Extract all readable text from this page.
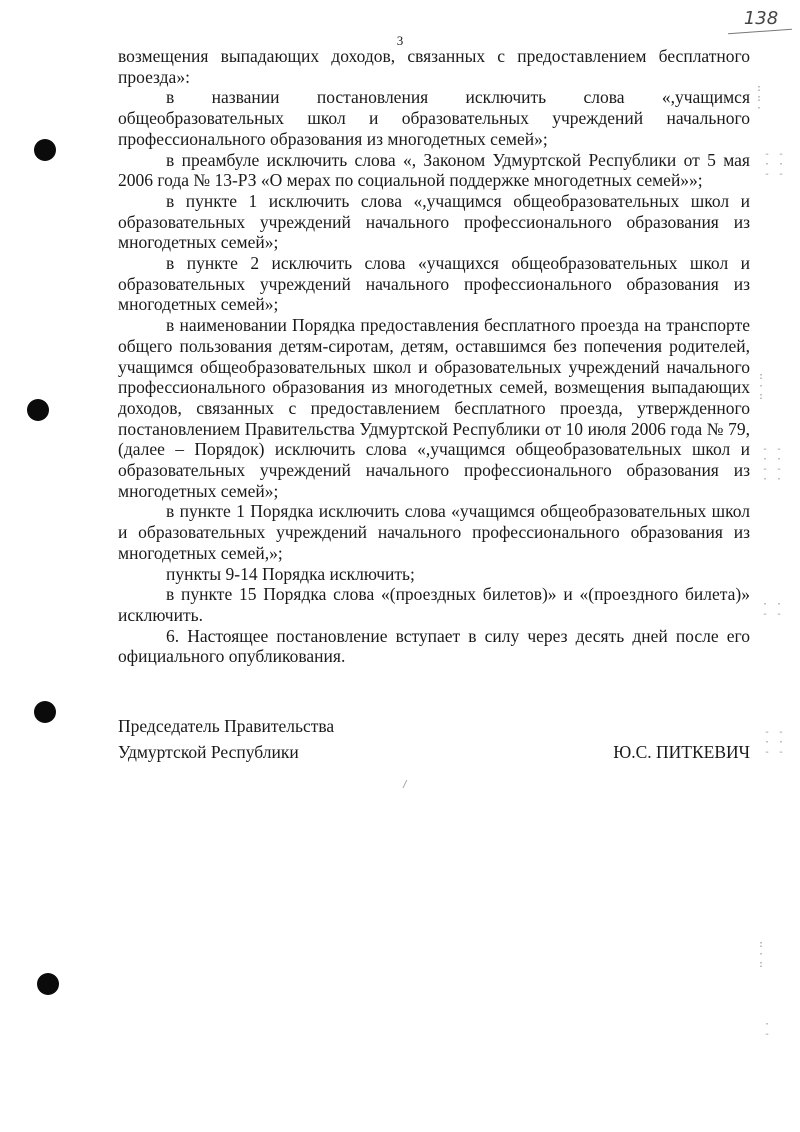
3
138

возмещения выпадающих доходов, связанных с предоставлением бесплатного проезда»:

в названии постановления исключить слова «,учащимся общеобразовательных школ и образовательных учреждений начального профессионального образования из многодетных семей»;

в преамбуле исключить слова «, Законом Удмуртской Республики от 5 мая 2006 года № 13-РЗ «О мерах по социальной поддержке многодетных семей»»;

в пункте 1 исключить слова «,учащимся общеобразовательных школ и образовательных учреждений начального профессионального образования из многодетных семей»;

в пункте 2 исключить слова «учащихся общеобразовательных школ и образовательных учреждений начального профессионального образования из многодетных семей»;

в наименовании Порядка предоставления бесплатного проезда на транспорте общего пользования детям-сиротам, детям, оставшимся без попечения родителей, учащимся общеобразовательных школ и образовательных учреждений начального профессионального образования из многодетных семей, возмещения выпадающих доходов, связанных с предоставлением бесплатного проезда, утвержденного постановлением Правительства Удмуртской Республики от 10 июля 2006 года № 79, (далее – Порядок) исключить слова «,учащимся общеобразовательных школ и образовательных учреждений начального профессионального образования из многодетных семей»;

в пункте 1 Порядка исключить слова «учащимся общеобразовательных школ и образовательных учреждений начального профессионального образования из многодетных семей,»;

пункты 9-14 Порядка исключить;

в пункте 15 Порядка слова «(проездных билетов)» и «(проездного билета)» исключить.

6. Настоящее постановление вступает в силу через десять дней после его официального опубликования.

Председатель Правительства
Удмуртской Республики	Ю.С. ПИТКЕВИЧ
:
:
·
- -
· ·
- -
:
·
:
- -
· ·
- -
· ·
· ·
- -
- -
· ·
- -
:
·
:
·
-
/
